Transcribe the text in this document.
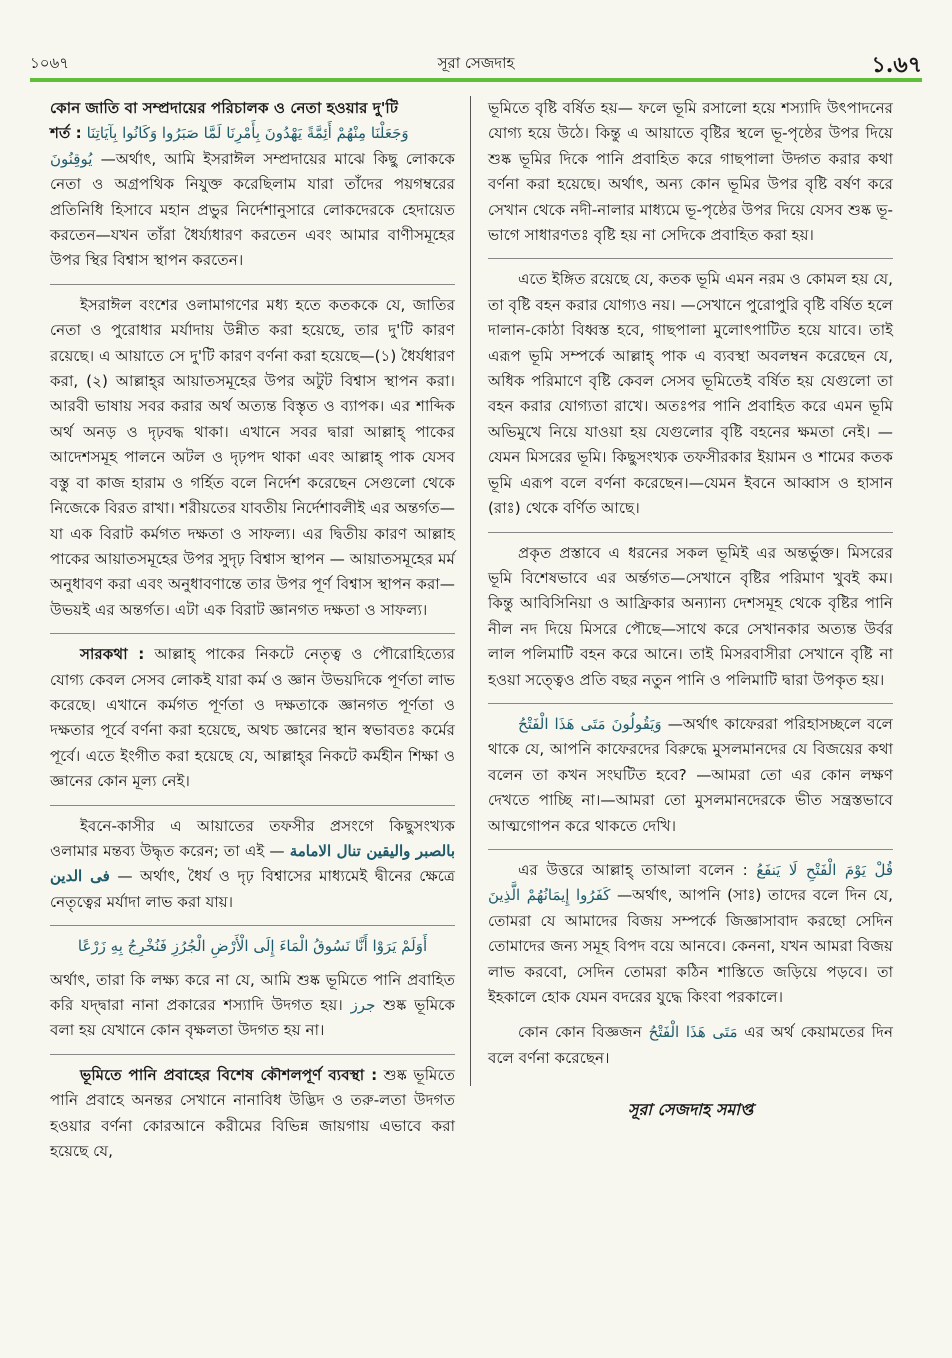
১০৬৭	সূরা সেজদাহ	১.৬৭

কোন জাতি বা সম্প্রদায়ের পরিচালক ও নেতা হওয়ার দু'টি
শর্ত : وَجَعَلْنَا مِنْهُمْ أَئِمَّةً يَهْدُونَ بِأَمْرِنَا لَمَّا صَبَرُوا وَكَانُوا بِآيَاتِنَا
يُوقِنُونَ —অর্থাৎ, আমি ইসরাঈল সম্প্রদায়ের মাঝে কিছু লোককে নেতা ও অগ্রপথিক নিযুক্ত করেছিলাম যারা তাঁদের পয়গম্বরের প্রতিনিধি হিসাবে মহান প্রভুর নির্দেশানুসারে লোকদেরকে হেদায়েত করতেন—যখন তাঁরা ধৈর্য্যধারণ করতেন এবং আমার বাণীসমূহের উপর স্থির বিশ্বাস স্থাপন করতেন।

ইসরাঈল বংশের ওলামাগণের মধ্য হতে কতককে যে, জাতির নেতা ও পুরোধার মর্যাদায় উন্নীত করা হয়েছে, তার দু'টি কারণ রয়েছে। এ আয়াতে সে দু'টি কারণ বর্ণনা করা হয়েছে—(১) ধৈর্যধারণ করা, (২) আল্লাহ্‌র আয়াতসমূহের উপর অটুট বিশ্বাস স্থাপন করা। আরবী ভাষায় সবর করার অর্থ অত্যন্ত বিস্তৃত ও ব্যাপক। এর শাব্দিক অর্থ অনড় ও দৃঢ়বদ্ধ থাকা। এখানে সবর দ্বারা আল্লাহ্ পাকের আদেশসমূহ পালনে অটল ও দৃঢ়পদ থাকা এবং আল্লাহ্ পাক যেসব বস্তু বা কাজ হারাম ও গর্হিত বলে নির্দেশ করেছেন সেগুলো থেকে নিজেকে বিরত রাখা। শরীয়তের যাবতীয় নির্দেশাবলীই এর অন্তর্গত—যা এক বিরাট কর্মগত দক্ষতা ও সাফল্য। এর দ্বিতীয় কারণ আল্লাহ পাকের আয়াতসমূহের উপর সুদৃঢ় বিশ্বাস স্থাপন — আয়াতসমূহের মর্ম অনুধাবণ করা এবং অনুধাবণান্তে তার উপর পূর্ণ বিশ্বাস স্থাপন করা— উভয়ই এর অন্তর্গত। এটা এক বিরাট জ্ঞানগত দক্ষতা ও সাফল্য।

সারকথা : আল্লাহ্ পাকের নিকটে নেতৃত্ব ও পৌরোহিত্যের যোগ্য কেবল সেসব লোকই যারা কর্ম ও জ্ঞান উভয়দিকে পূর্ণতা লাভ করেছে। এখানে কর্মগত পূর্ণতা ও দক্ষতাকে জ্ঞানগত পূর্ণতা ও দক্ষতার পূর্বে বর্ণনা করা হয়েছে, অথচ জ্ঞানের স্থান স্বভাবতঃ কর্মের পূর্বে। এতে ইংগীত করা হয়েছে যে, আল্লাহ্‌র নিকটে কর্মহীন শিক্ষা ও জ্ঞানের কোন মূল্য নেই।

ইবনে-কাসীর এ আয়াতের তফসীর প্রসংগে কিছুসংখ্যক ওলামার মন্তব্য উদ্ধৃত করেন; তা এই — بالصبر واليقين تنال الامامة فى الدين — অর্থাৎ, ধৈর্য ও দৃঢ় বিশ্বাসের মাধ্যমেই দ্বীনের ক্ষেত্রে নেতৃত্বের মর্যাদা লাভ করা যায়।

أَوَلَمْ يَرَوْا أَنَّا نَسُوقُ الْمَاءَ إِلَى الْأَرْضِ الْجُرُزِ فَنُخْرِجُ بِهِ زَرْعًا

অর্থাৎ, তারা কি লক্ষ্য করে না যে, আমি শুষ্ক ভূমিতে পানি প্রবাহিত করি যদ্দ্বারা নানা প্রকারের শস্যাদি উদগত হয়। جرز শুষ্ক ভূমিকে বলা হয় যেখানে কোন বৃক্ষলতা উদগত হয় না।

ভূমিতে পানি প্রবাহের বিশেষ কৌশলপূর্ণ ব্যবস্থা : শুষ্ক ভূমিতে পানি প্রবাহে অনন্তর সেখানে নানাবিধ উদ্ভিদ ও তরু-লতা উদগত হওয়ার বর্ণনা কোরআনে করীমের বিভিন্ন জায়গায় এভাবে করা হয়েছে যে,

ভূমিতে বৃষ্টি বর্ষিত হয়— ফলে ভূমি রসালো হয়ে শস্যাদি উৎপাদনের যোগ্য হয়ে উঠে। কিন্তু এ আয়াতে বৃষ্টির স্থলে ভূ-পৃষ্ঠের উপর দিয়ে শুষ্ক ভূমির দিকে পানি প্রবাহিত করে গাছপালা উদ্গত করার কথা বর্ণনা করা হয়েছে। অর্থাৎ, অন্য কোন ভূমির উপর বৃষ্টি বর্ষণ করে সেখান থেকে নদী-নালার মাধ্যমে ভূ-পৃষ্ঠের উপর দিয়ে যেসব শুষ্ক ভূ-ভাগে সাধারণতঃ বৃষ্টি হয় না সেদিকে প্রবাহিত করা হয়।

এতে ইঙ্গিত রয়েছে যে, কতক ভূমি এমন নরম ও কোমল হয় যে, তা বৃষ্টি বহন করার যোগ্যও নয়। —সেখানে পুরোপুরি বৃষ্টি বর্ষিত হলে দালান-কোঠা বিধ্বস্ত হবে, গাছপালা মুলোৎপাটিত হয়ে যাবে। তাই এরূপ ভূমি সম্পর্কে আল্লাহ্ পাক এ ব্যবস্থা অবলম্বন করেছেন যে, অধিক পরিমাণে বৃষ্টি কেবল সেসব ভূমিতেই বর্ষিত হয় যেগুলো তা বহন করার যোগ্যতা রাখে। অতঃপর পানি প্রবাহিত করে এমন ভূমি অভিমুখে নিয়ে যাওয়া হয় যেগুলোর বৃষ্টি বহনের ক্ষমতা নেই। —যেমন মিসরের ভূমি। কিছুসংখ্যক তফসীরকার ইয়ামন ও শামের কতক ভূমি এরূপ বলে বর্ণনা করেছেন।—যেমন ইবনে আব্বাস ও হাসান (রাঃ) থেকে বর্ণিত আছে।

প্রকৃত প্রস্তাবে এ ধরনের সকল ভূমিই এর অন্তর্ভুক্ত। মিসরের ভূমি বিশেষভাবে এর অর্ন্তগত—সেখানে বৃষ্টির পরিমাণ খুবই কম। কিন্তু আবিসিনিয়া ও আফ্রিকার অন্যান্য দেশসমূহ থেকে বৃষ্টির পানি নীল নদ দিয়ে মিসরে পৌছে—সাথে করে সেখানকার অত্যন্ত উর্বর লাল পলিমাটি বহন করে আনে। তাই মিসরবাসীরা সেখানে বৃষ্টি না হওয়া সত্ত্বেও প্রতি বছর নতুন পানি ও পলিমাটি দ্বারা উপকৃত হয়।

وَيَقُولُونَ مَتَى هَذَا الْفَتْحُ —অর্থাৎ কাফেররা পরিহাসচ্ছলে বলে থাকে যে, আপনি কাফেরদের বিরুদ্ধে মুসলমানদের যে বিজয়ের কথা বলেন তা কখন সংঘটিত হবে? —আমরা তো এর কোন লক্ষণ দেখতে পাচ্ছি না।—আমরা তো মুসলমানদেরকে ভীত সন্ত্রস্তভাবে আত্মগোপন করে থাকতে দেখি।

এর উত্তরে আল্লাহ্ তাআলা বলেন : قُلْ يَوْمَ الْفَتْحِ لَا يَنفَعُ الَّذِينَ كَفَرُوا إِيمَانُهُمْ —অর্থাৎ, আপনি (সাঃ) তাদের বলে দিন যে, তোমরা যে আমাদের বিজয় সম্পর্কে জিজ্ঞাসাবাদ করছো সেদিন তোমাদের জন্য সমূহ বিপদ বয়ে আনবে। কেননা, যখন আমরা বিজয় লাভ করবো, সেদিন তোমরা কঠিন শাস্তিতে জড়িয়ে পড়বে। তা ইহকালে হোক যেমন বদরের যুদ্ধে কিংবা পরকালে।

কোন কোন বিজ্ঞজন مَتَى هَذَا الْفَتْحُ এর অর্থ কেয়ামতের দিন বলে বর্ণনা করেছেন।

সূরা সেজদাহ সমাপ্ত
